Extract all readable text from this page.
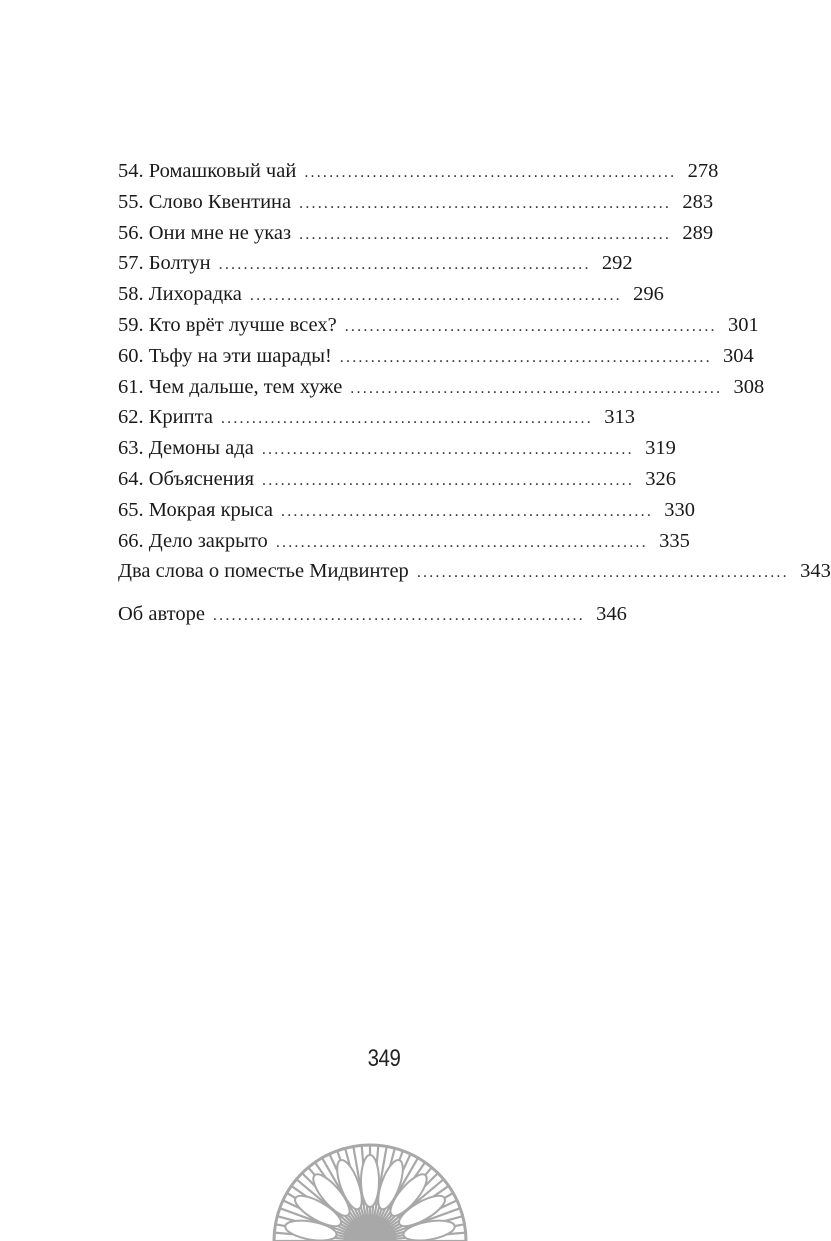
54. Ромашковый чай ............................................................ 278
55. Слово Квентина ............................................................ 283
56. Они мне не указ ............................................................ 289
57. Болтун ............................................................ 292
58. Лихорадка ............................................................ 296
59. Кто врёт лучше всех? ............................................................ 301
60. Тьфу на эти шарады! ............................................................ 304
61. Чем дальше, тем хуже ............................................................ 308
62. Крипта ............................................................ 313
63. Демоны ада ............................................................ 319
64. Объяснения ............................................................ 326
65. Мокрая крыса ............................................................ 330
66. Дело закрыто ............................................................ 335
Два слова о поместье Мидвинтер ............................................................ 343
Об авторе ............................................................ 346
349
